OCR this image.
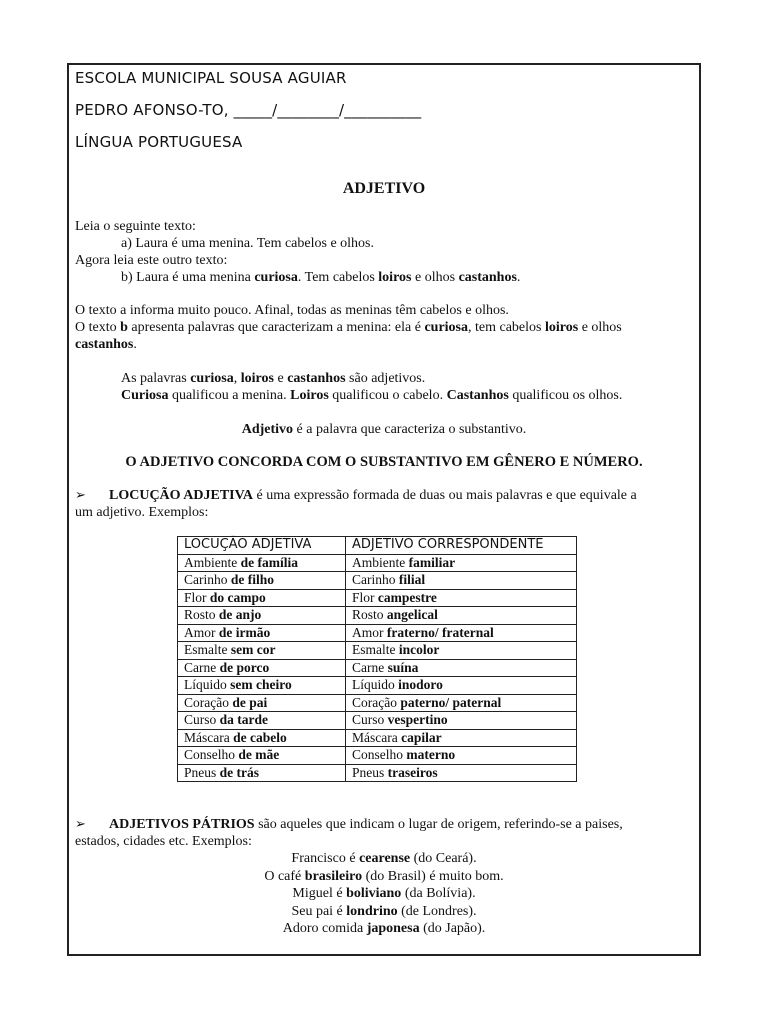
ESCOLA MUNICIPAL SOUSA AGUIAR
PEDRO AFONSO-TO, _____/________/__________
LÍNGUA PORTUGUESA
ADJETIVO
Leia o seguinte texto:
a) Laura é uma menina. Tem cabelos e olhos.
Agora leia este outro texto:
b) Laura é uma menina curiosa. Tem cabelos loiros e olhos castanhos.
O texto a informa muito pouco. Afinal, todas as meninas têm cabelos e olhos.
O texto b apresenta palavras que caracterizam a menina: ela é curiosa, tem cabelos loiros e olhos
castanhos.
As palavras curiosa, loiros e castanhos são adjetivos.
Curiosa qualificou a menina. Loiros qualificou o cabelo. Castanhos qualificou os olhos.
Adjetivo é a palavra que caracteriza o substantivo.
O ADJETIVO CONCORDA COM O SUBSTANTIVO EM GÊNERO E NÚMERO.
➢ LOCUÇÃO ADJETIVA é uma expressão formada de duas ou mais palavras e que equivale a
um adjetivo. Exemplos:
LOCUÇÃO ADJETIVA	ADJETIVO CORRESPONDENTE
Ambiente de família	Ambiente familiar
Carinho de filho	Carinho filial
Flor do campo	Flor campestre
Rosto de anjo	Rosto angelical
Amor de irmão	Amor fraterno/ fraternal
Esmalte sem cor	Esmalte incolor
Carne de porco	Carne suína
Líquido sem cheiro	Líquido inodoro
Coração de pai	Coração paterno/ paternal
Curso da tarde	Curso vespertino
Máscara de cabelo	Máscara capilar
Conselho de mãe	Conselho materno
Pneus de trás	Pneus traseiros
➢ ADJETIVOS PÁTRIOS são aqueles que indicam o lugar de origem, referindo-se a paises,
estados, cidades etc. Exemplos:
Francisco é cearense (do Ceará).
O café brasileiro (do Brasil) é muito bom.
Miguel é boliviano (da Bolívia).
Seu pai é londrino (de Londres).
Adoro comida japonesa (do Japão).
